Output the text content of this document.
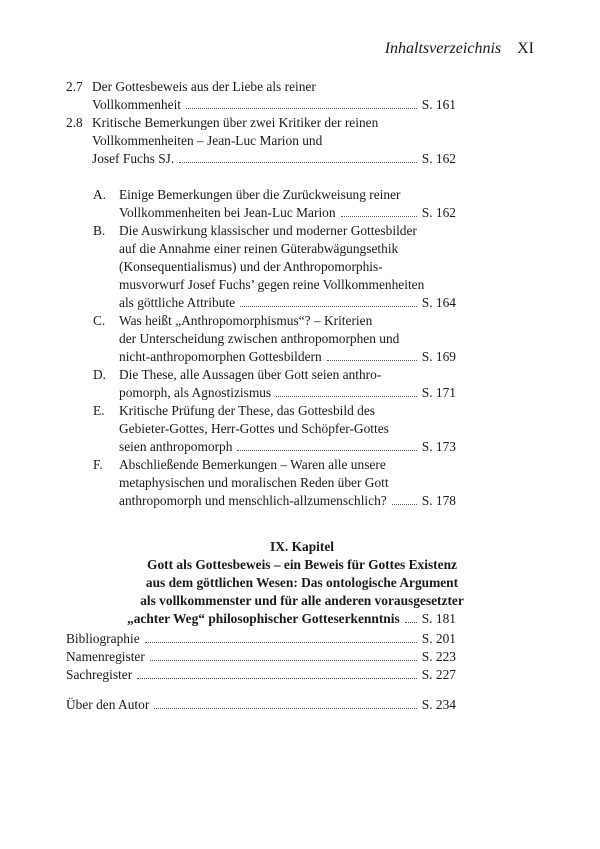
Inhaltsverzeichnis XI
2.7 Der Gottesbeweis aus der Liebe als reiner
Vollkommenheit	S. 161
2.8 Kritische Bemerkungen über zwei Kritiker der reinen
Vollkommenheiten – Jean-Luc Marion und
Josef Fuchs SJ.	S. 162
A. Einige Bemerkungen über die Zurückweisung reiner
Vollkommenheiten bei Jean-Luc Marion	S. 162
B. Die Auswirkung klassischer und moderner Gottesbilder
auf die Annahme einer reinen Güterabwägungsethik
(Konsequentialismus) und der Anthropomorphis-
musvorwurf Josef Fuchs’ gegen reine Vollkommenheiten
als göttliche Attribute	S. 164
C. Was heißt „Anthropomorphismus“? – Kriterien
der Unterscheidung zwischen anthropomorphen und
nicht-anthropomorphen Gottesbildern	S. 169
D. Die These, alle Aussagen über Gott seien anthro-
pomorph, als Agnostizismus	S. 171
E. Kritische Prüfung der These, das Gottesbild des
Gebieter-Gottes, Herr-Gottes und Schöpfer-Gottes
seien anthropomorph	S. 173
F. Abschließende Bemerkungen – Waren alle unsere
metaphysischen und moralischen Reden über Gott
anthropomorph und menschlich-allzumenschlich?	S. 178
IX. Kapitel
Gott als Gottesbeweis – ein Beweis für Gottes Existenz
aus dem göttlichen Wesen: Das ontologische Argument
als vollkommenster und für alle anderen vorausgesetzter
„achter Weg“ philosophischer Gotteserkenntnis S. 181
Bibliographie	S. 201
Namenregister	S. 223
Sachregister	S. 227
Über den Autor	S. 234
